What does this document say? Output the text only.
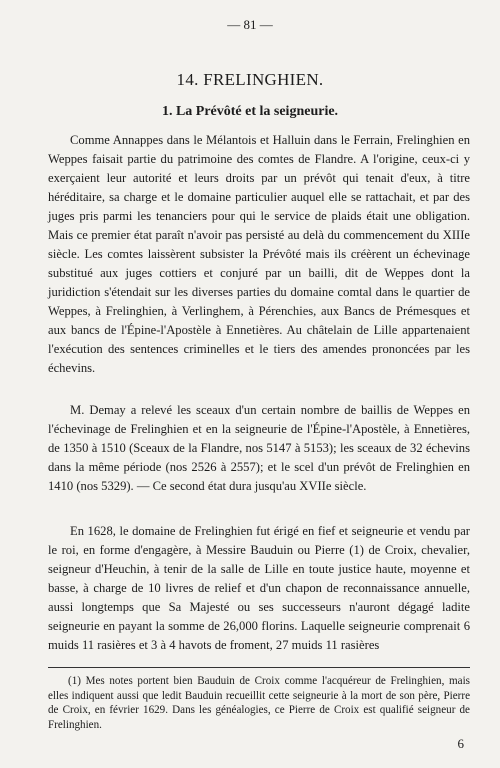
— 81 —
14. FRELINGHIEN.
1. La Prévôté et la seigneurie.

Comme Annappes dans le Mélantois et Halluin dans le Ferrain, Frelinghien en Weppes faisait partie du patrimoine des comtes de Flandre. A l'origine, ceux-ci y exerçaient leur autorité et leurs droits par un prévôt qui tenait d'eux, à titre héréditaire, sa charge et le domaine particulier auquel elle se rattachait, et par des juges pris parmi les tenanciers pour qui le service de plaids était une obligation. Mais ce premier état paraît n'avoir pas persisté au delà du commencement du XIIIe siècle. Les comtes laissèrent subsister la Prévôté mais ils créèrent un échevinage substitué aux juges cottiers et conjuré par un bailli, dit de Weppes dont la juridiction s'étendait sur les diverses parties du domaine comtal dans le quartier de Weppes, à Frelinghien, à Verlinghem, à Pérenchies, aux Bancs de Prémesques et aux bancs de l'Épine-l'Apostèle à Ennetières. Au châtelain de Lille appartenaient l'exécution des sentences criminelles et le tiers des amendes prononcées par les échevins.

M. Demay a relevé les sceaux d'un certain nombre de baillis de Weppes en l'échevinage de Frelinghien et en la seigneurie de l'Épine-l'Apostèle, à Ennetières, de 1350 à 1510 (Sceaux de la Flandre, nos 5147 à 5153); les sceaux de 32 échevins dans la même période (nos 2526 à 2557); et le scel d'un prévôt de Frelinghien en 1410 (nos 5329). — Ce second état dura jusqu'au XVIIe siècle.

En 1628, le domaine de Frelinghien fut érigé en fief et seigneurie et vendu par le roi, en forme d'engagère, à Messire Bauduin ou Pierre (1) de Croix, chevalier, seigneur d'Heuchin, à tenir de la salle de Lille en toute justice haute, moyenne et basse, à charge de 10 livres de relief et d'un chapon de reconnaissance annuelle, aussi longtemps que Sa Majesté ou ses successeurs n'auront dégagé ladite seigneurie en payant la somme de 26,000 florins. Laquelle seigneurie comprenait 6 muids 11 rasières et 3 à 4 havots de froment, 27 muids 11 rasières

(1) Mes notes portent bien Bauduin de Croix comme l'acquéreur de Frelinghien, mais elles indiquent aussi que ledit Bauduin recueillit cette seigneurie à la mort de son père, Pierre de Croix, en février 1629. Dans les généalogies, ce Pierre de Croix est qualifié seigneur de Frelinghien.

6
